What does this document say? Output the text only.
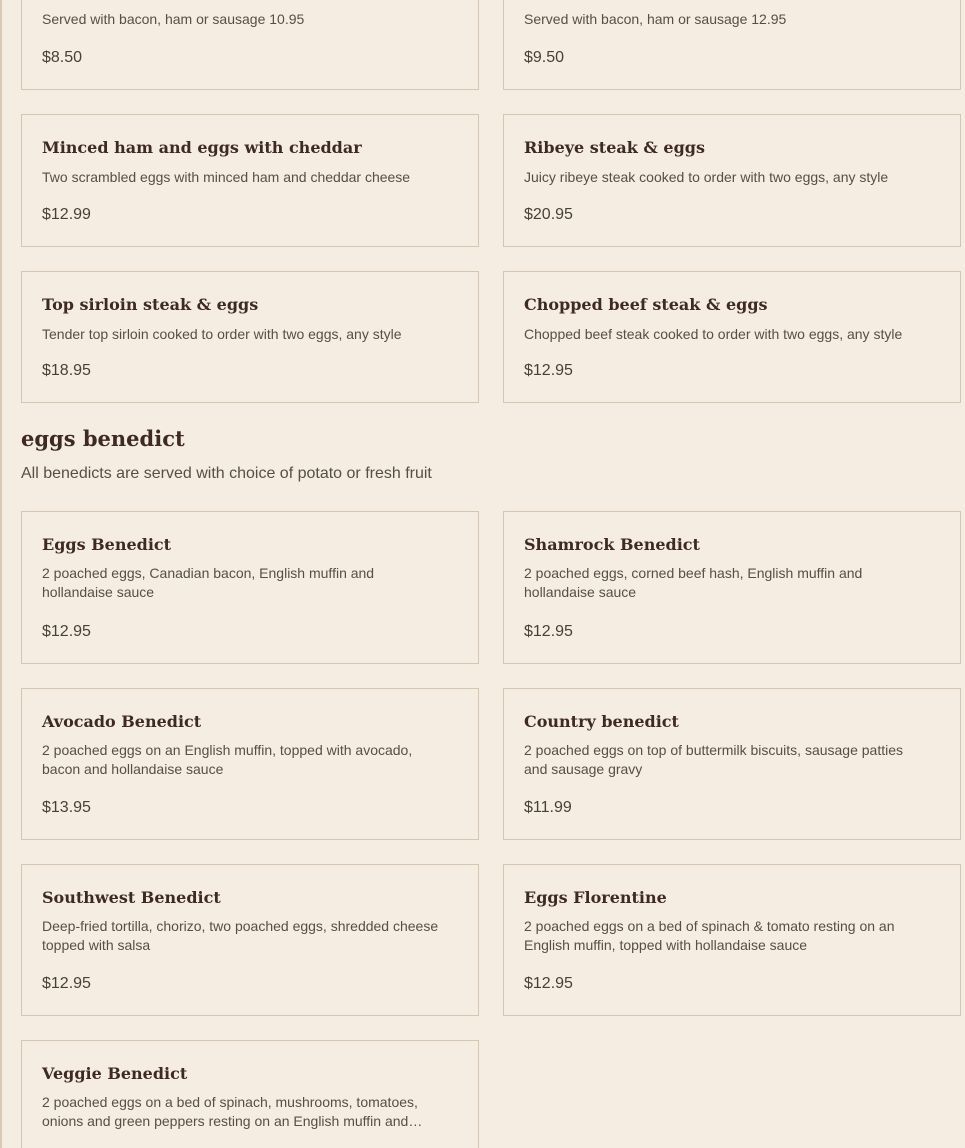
Served with bacon, ham or sausage 10.95
$8.50
Served with bacon, ham or sausage 12.95
$9.50
Minced ham and eggs with cheddar
Two scrambled eggs with minced ham and cheddar cheese
$12.99
Ribeye steak & eggs
Juicy ribeye steak cooked to order with two eggs, any style
$20.95
Top sirloin steak & eggs
Tender top sirloin cooked to order with two eggs, any style
$18.95
Chopped beef steak & eggs
Chopped beef steak cooked to order with two eggs, any style
$12.95
eggs benedict
All benedicts are served with choice of potato or fresh fruit
Eggs Benedict
2 poached eggs, Canadian bacon, English muffin and hollandaise sauce
$12.95
Shamrock Benedict
2 poached eggs, corned beef hash, English muffin and hollandaise sauce
$12.95
Avocado Benedict
2 poached eggs on an English muffin, topped with avocado, bacon and hollandaise sauce
$13.95
Country benedict
2 poached eggs on top of buttermilk biscuits, sausage patties and sausage gravy
$11.99
Southwest Benedict
Deep-fried tortilla, chorizo, two poached eggs, shredded cheese topped with salsa
$12.95
Eggs Florentine
2 poached eggs on a bed of spinach & tomato resting on an English muffin, topped with hollandaise sauce
$12.95
Veggie Benedict
2 poached eggs on a bed of spinach, mushrooms, tomatoes, onions and green peppers resting on an English muffin and…
